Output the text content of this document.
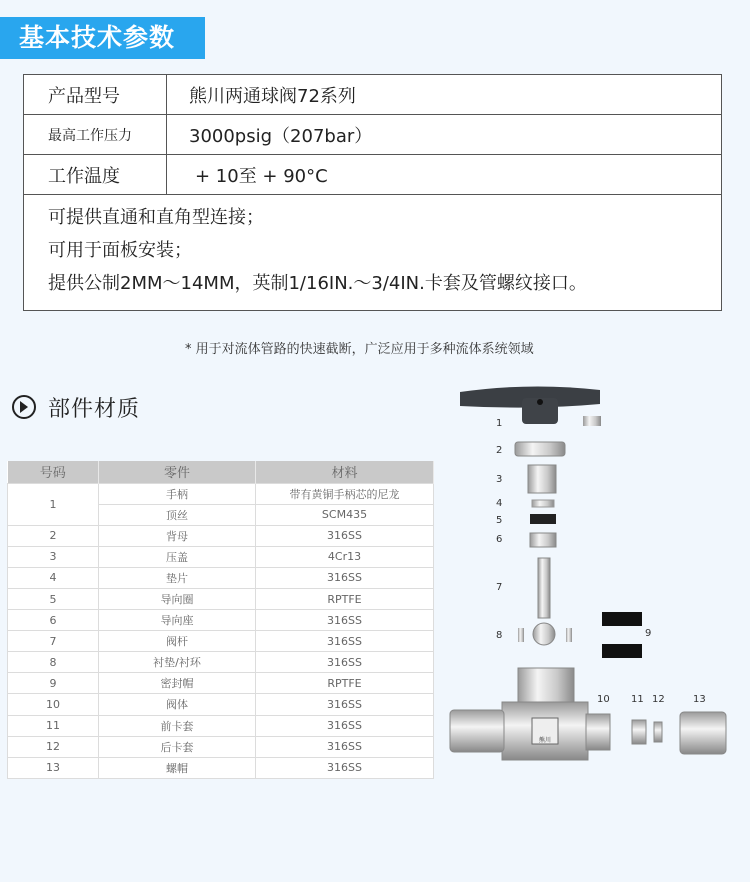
基本技术参数
产品型号	熊川两通球阀72系列
最高工作压力	3000psig（207bar）
工作温度	+ 10至 + 90°C

可提供直通和直角型连接；
可用于面板安装；
提供公制2MM～14MM，英制1/16IN.～3/4IN.卡套及管螺纹接口。	
* 用于对流体管路的快速截断，广泛应用于多种流体系统领域
部件材质
号码	零件	材料
1	手柄	带有黄铜手柄芯的尼龙
	顶丝	SCM435
2	背母	316SS
3	压盖	4Cr13
4	垫片	316SS
5	导向圈	RPTFE
6	导向座	316SS
7	阀杆	316SS
8	衬垫/衬环	316SS
9	密封帽	RPTFE
10	阀体	316SS
11	前卡套	316SS
12	后卡套	316SS
13	螺帽	316SS
熊川
1
2
3
4
5
6
7
8	9
10 11 12	13
